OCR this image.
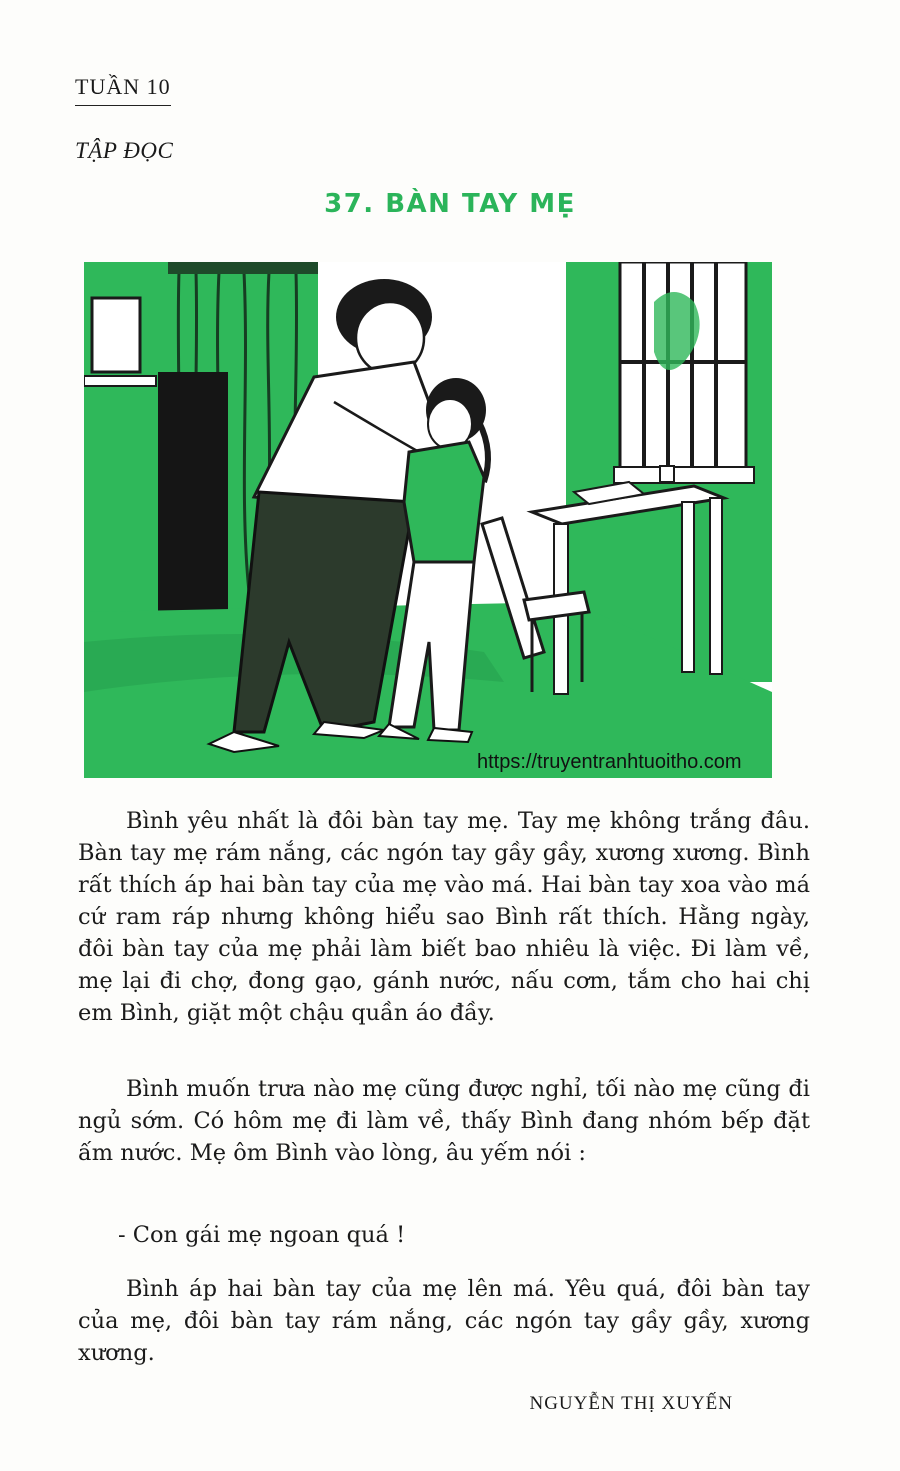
TUẦN 10
TẬP ĐỌC
37. BÀN TAY MẸ
https://truyentranhtuoitho.com

Bình yêu nhất là đôi bàn tay mẹ. Tay mẹ không trắng đâu. Bàn tay mẹ rám nắng, các ngón tay gầy gầy, xương xương. Bình rất thích áp hai bàn tay của mẹ vào má. Hai bàn tay xoa vào má cứ ram ráp nhưng không hiểu sao Bình rất thích. Hằng ngày, đôi bàn tay của mẹ phải làm biết bao nhiêu là việc. Đi làm về, mẹ lại đi chợ, đong gạo, gánh nước, nấu cơm, tắm cho hai chị em Bình, giặt một chậu quần áo đầy.

Bình muốn trưa nào mẹ cũng được nghỉ, tối nào mẹ cũng đi ngủ sớm. Có hôm mẹ đi làm về, thấy Bình đang nhóm bếp đặt ấm nước. Mẹ ôm Bình vào lòng, âu yếm nói :

- Con gái mẹ ngoan quá !

Bình áp hai bàn tay của mẹ lên má. Yêu quá, đôi bàn tay của mẹ, đôi bàn tay rám nắng, các ngón tay gầy gầy, xương xương.

NGUYỄN THỊ XUYẾN
